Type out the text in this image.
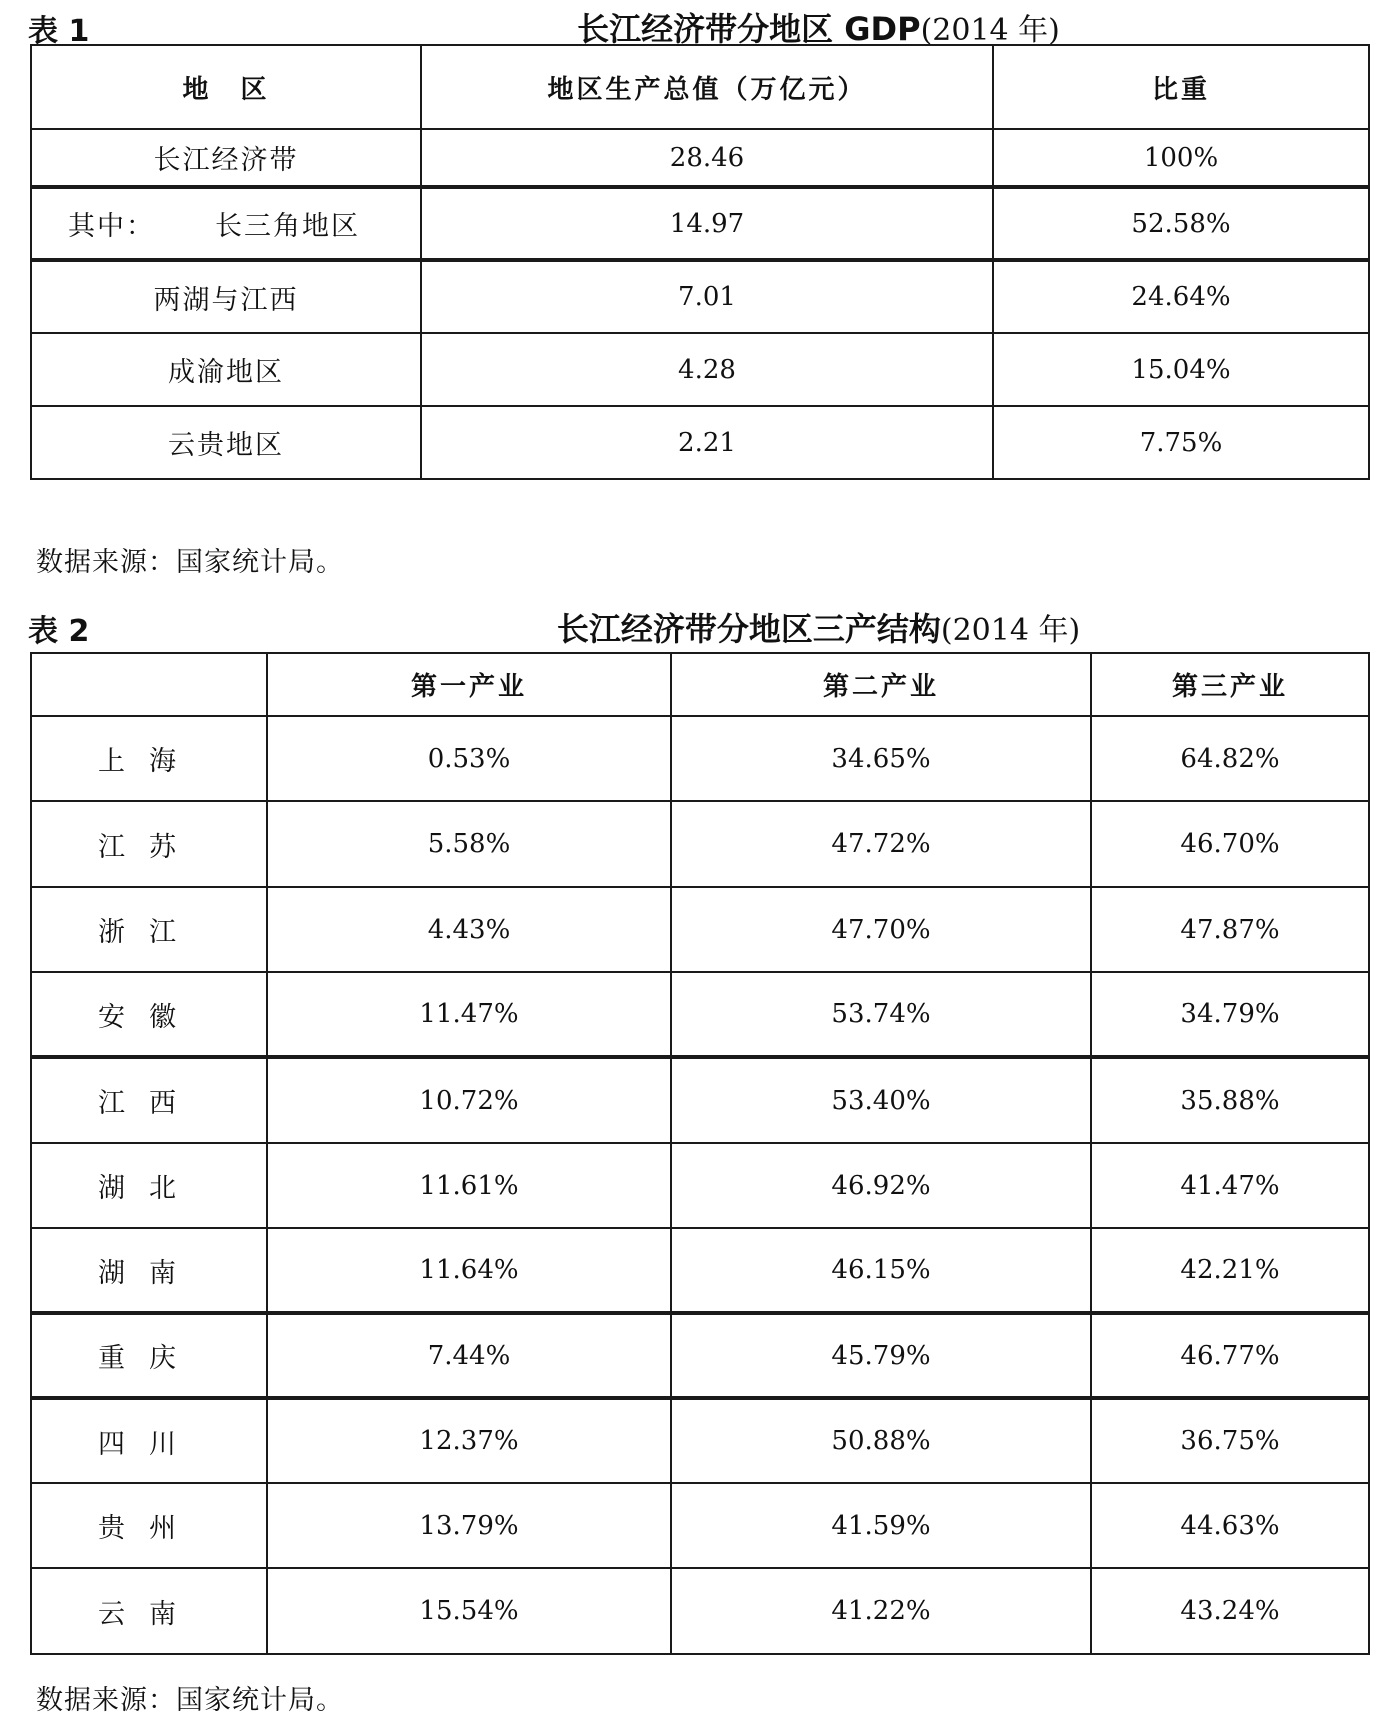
表 1	长江经济带分地区 GDP(2014 年)
地　区	地区生产总值（万亿元）	比重
长江经济带	28.46	100%
其中： 长三角地区	14.97	52.58%
两湖与江西	7.01	24.64%
成渝地区	4.28	15.04%
云贵地区	2.21	7.75%
数据来源：国家统计局。
表 2	长江经济带分地区三产结构(2014 年)
	第一产业	第二产业	第三产业
上海	0.53%	34.65%	64.82%
江苏	5.58%	47.72%	46.70%
浙江	4.43%	47.70%	47.87%
安徽	11.47%	53.74%	34.79%
江西	10.72%	53.40%	35.88%
湖北	11.61%	46.92%	41.47%
湖南	11.64%	46.15%	42.21%
重庆	7.44%	45.79%	46.77%
四川	12.37%	50.88%	36.75%
贵州	13.79%	41.59%	44.63%
云南	15.54%	41.22%	43.24%
数据来源：国家统计局。
